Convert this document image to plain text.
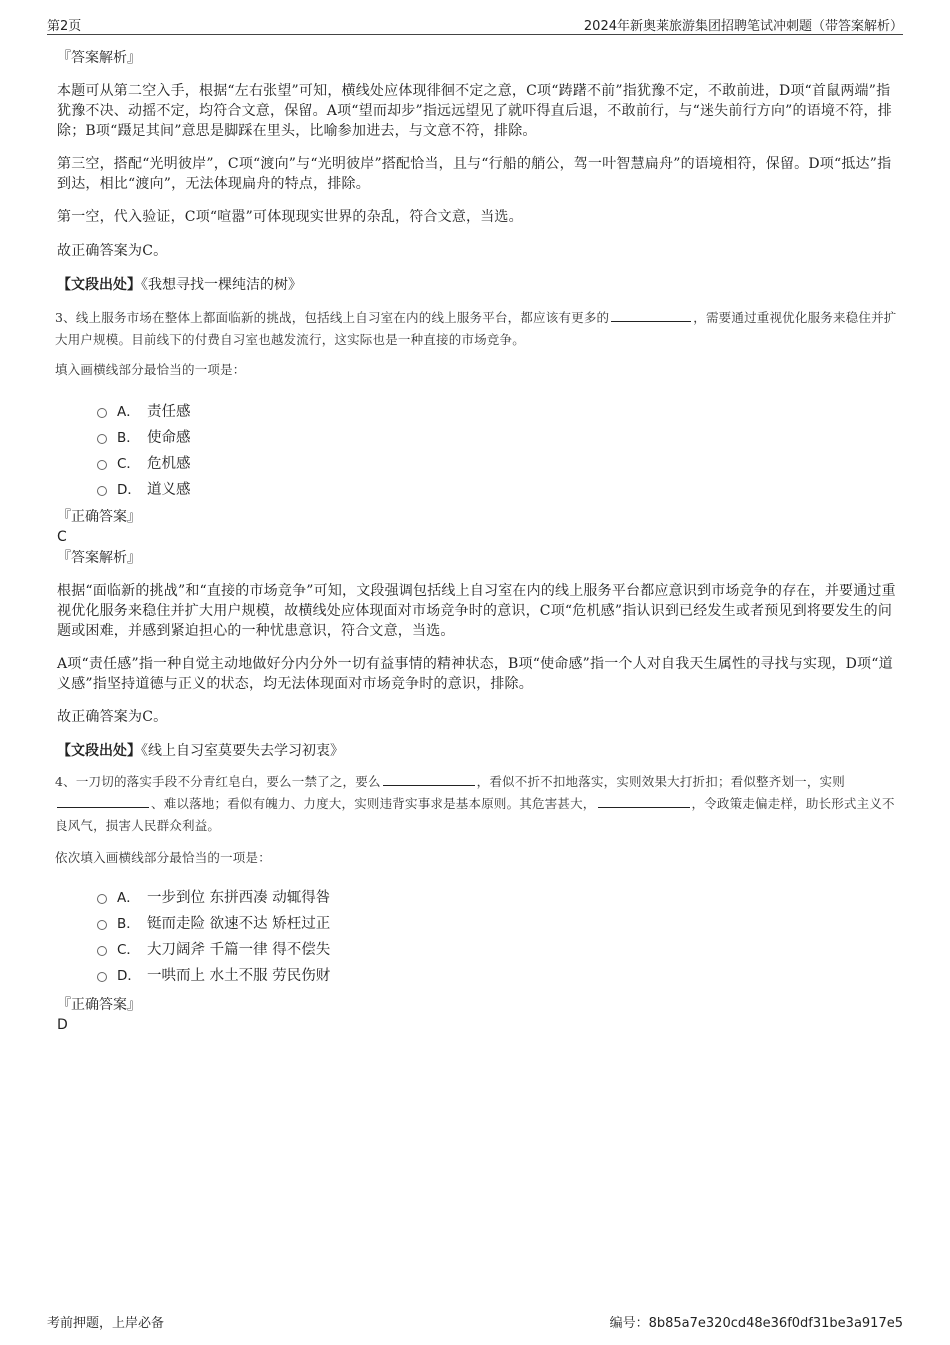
第2页	2024年新奥莱旅游集团招聘笔试冲刺题（带答案解析）

『答案解析』

本题可从第二空入手，根据“左右张望”可知，横线处应体现徘徊不定之意，C项“踌躇不前”指犹豫不定，不敢前进，D项“首鼠两端”指犹豫不决、动摇不定，均符合文意，保留。A项“望而却步”指远远望见了就吓得直后退，不敢前行，与“迷失前行方向”的语境不符，排除；B项“蹑足其间”意思是脚踩在里头，比喻参加进去，与文意不符，排除。

第三空，搭配“光明彼岸”，C项“渡向”与“光明彼岸”搭配恰当，且与“行船的艄公，驾一叶智慧扁舟”的语境相符，保留。D项“抵达”指到达，相比“渡向”，无法体现扁舟的特点，排除。

第一空，代入验证，C项“喧嚣”可体现现实世界的杂乱，符合文意，当选。

故正确答案为C。

【文段出处】《我想寻找一棵纯洁的树》

3、线上服务市场在整体上都面临新的挑战，包括线上自习室在内的线上服务平台，都应该有更多的	，需要通过重视优化服务来稳住并扩大用户规模。目前线下的付费自习室也越发流行，这实际也是一种直接的市场竞争。

填入画横线部分最恰当的一项是：

A． 责任感
B． 使命感
C． 危机感
D． 道义感

『正确答案』

C

『答案解析』

根据“面临新的挑战”和“直接的市场竞争”可知，文段强调包括线上自习室在内的线上服务平台都应意识到市场竞争的存在，并要通过重视优化服务来稳住并扩大用户规模，故横线处应体现面对市场竞争时的意识，C项“危机感”指认识到已经发生或者预见到将要发生的问题或困难，并感到紧迫担心的一种忧患意识，符合文意，当选。

A项“责任感”指一种自觉主动地做好分内分外一切有益事情的精神状态，B项“使命感”指一个人对自我天生属性的寻找与实现，D项“道义感”指坚持道德与正义的状态，均无法体现面对市场竞争时的意识，排除。

故正确答案为C。

【文段出处】《线上自习室莫要失去学习初衷》

4、一刀切的落实手段不分青红皂白，要么一禁了之，要么	，看似不折不扣地落实，实则效果大打折扣；看似整齐划一，实则、难以落地；看似有魄力、力度大，实则违背实事求是基本原则。其危害甚大，	，令政策走偏走样，助长形式主义不良风气，损害人民群众利益。

依次填入画横线部分最恰当的一项是：

A． 一步到位 东拼西凑 动辄得咎
B． 铤而走险 欲速不达 矫枉过正
C． 大刀阔斧 千篇一律 得不偿失
D． 一哄而上 水土不服 劳民伤财

『正确答案』

D

考前押题，上岸必备	编号：8b85a7e320cd48e36f0df31be3a917e5
